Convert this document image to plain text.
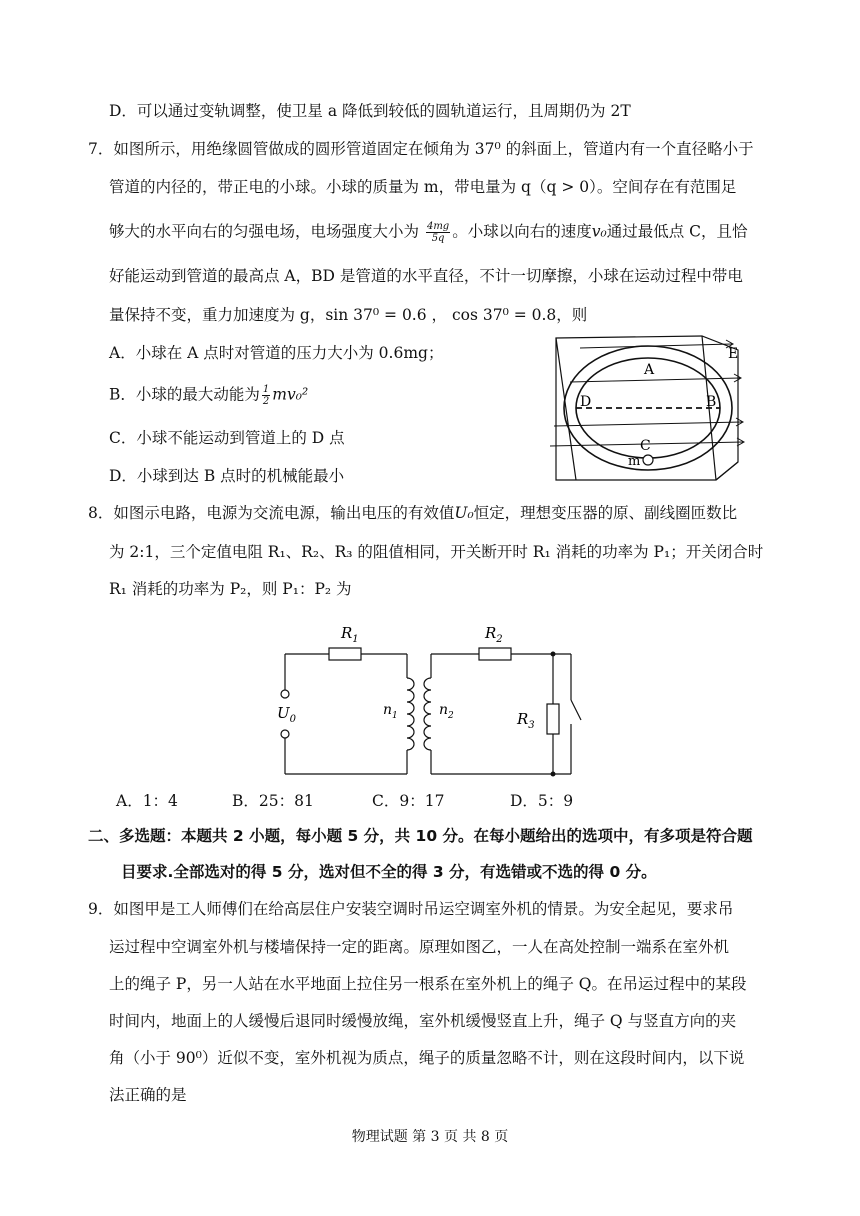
D．可以通过变轨调整，使卫星 a 降低到较低的圆轨道运行，且周期仍为 2T
7．如图所示，用绝缘圆管做成的圆形管道固定在倾角为 37⁰ 的斜面上，管道内有一个直径略小于
管道的内径的，带正电的小球。小球的质量为 m，带电量为 q（q > 0）。空间存在有范围足
够大的水平向右的匀强电场，电场强度大小为 $\frac{4mg}{5q}$ 。小球以向右的速度v₀通过最低点 C，且恰
好能运动到管道的最高点 A，BD 是管道的水平直径，不计一切摩擦，小球在运动过程中带电
量保持不变，重力加速度为 g，sin 37⁰ = 0.6 ， cos 37⁰ = 0.8，则
A．小球在 A 点时对管道的压力大小为 0.6mg；
B．小球的最大动能为 $\frac{1}{2} mv_0^2$
C．小球不能运动到管道上的 D 点
D．小球到达 B 点时的机械能最小
E
A
B
D
C
m
8．如图示电路，电源为交流电源，输出电压的有效值U₀恒定，理想变压器的原、副线圈匝数比
为 2:1，三个定值电阻 R₁、R₂、R₃ 的阻值相同，开关断开时 R₁ 消耗的功率为 P₁；开关闭合时
R₁ 消耗的功率为 P₂，则 P₁：P₂ 为
$R_1$	$R_2$
$R_3$
$U_0$
$n_1$	$n_2$
A．1：4	B．25：81	C．9：17	D．5：9
二、多选题：本题共 2 小题，每小题 5 分，共 10 分。在每小题给出的选项中，有多项是符合题
目要求.全部选对的得 5 分，选对但不全的得 3 分，有选错或不选的得 0 分。
9．如图甲是工人师傅们在给高层住户安装空调时吊运空调室外机的情景。为安全起见，要求吊
运过程中空调室外机与楼墙保持一定的距离。原理如图乙，一人在高处控制一端系在室外机
上的绳子 P，另一人站在水平地面上拉住另一根系在室外机上的绳子 Q。在吊运过程中的某段
时间内，地面上的人缓慢后退同时缓慢放绳，室外机缓慢竖直上升，绳子 Q 与竖直方向的夹
角（小于 90⁰）近似不变，室外机视为质点，绳子的质量忽略不计，则在这段时间内，以下说
法正确的是
物理试题 第 3 页 共 8 页
